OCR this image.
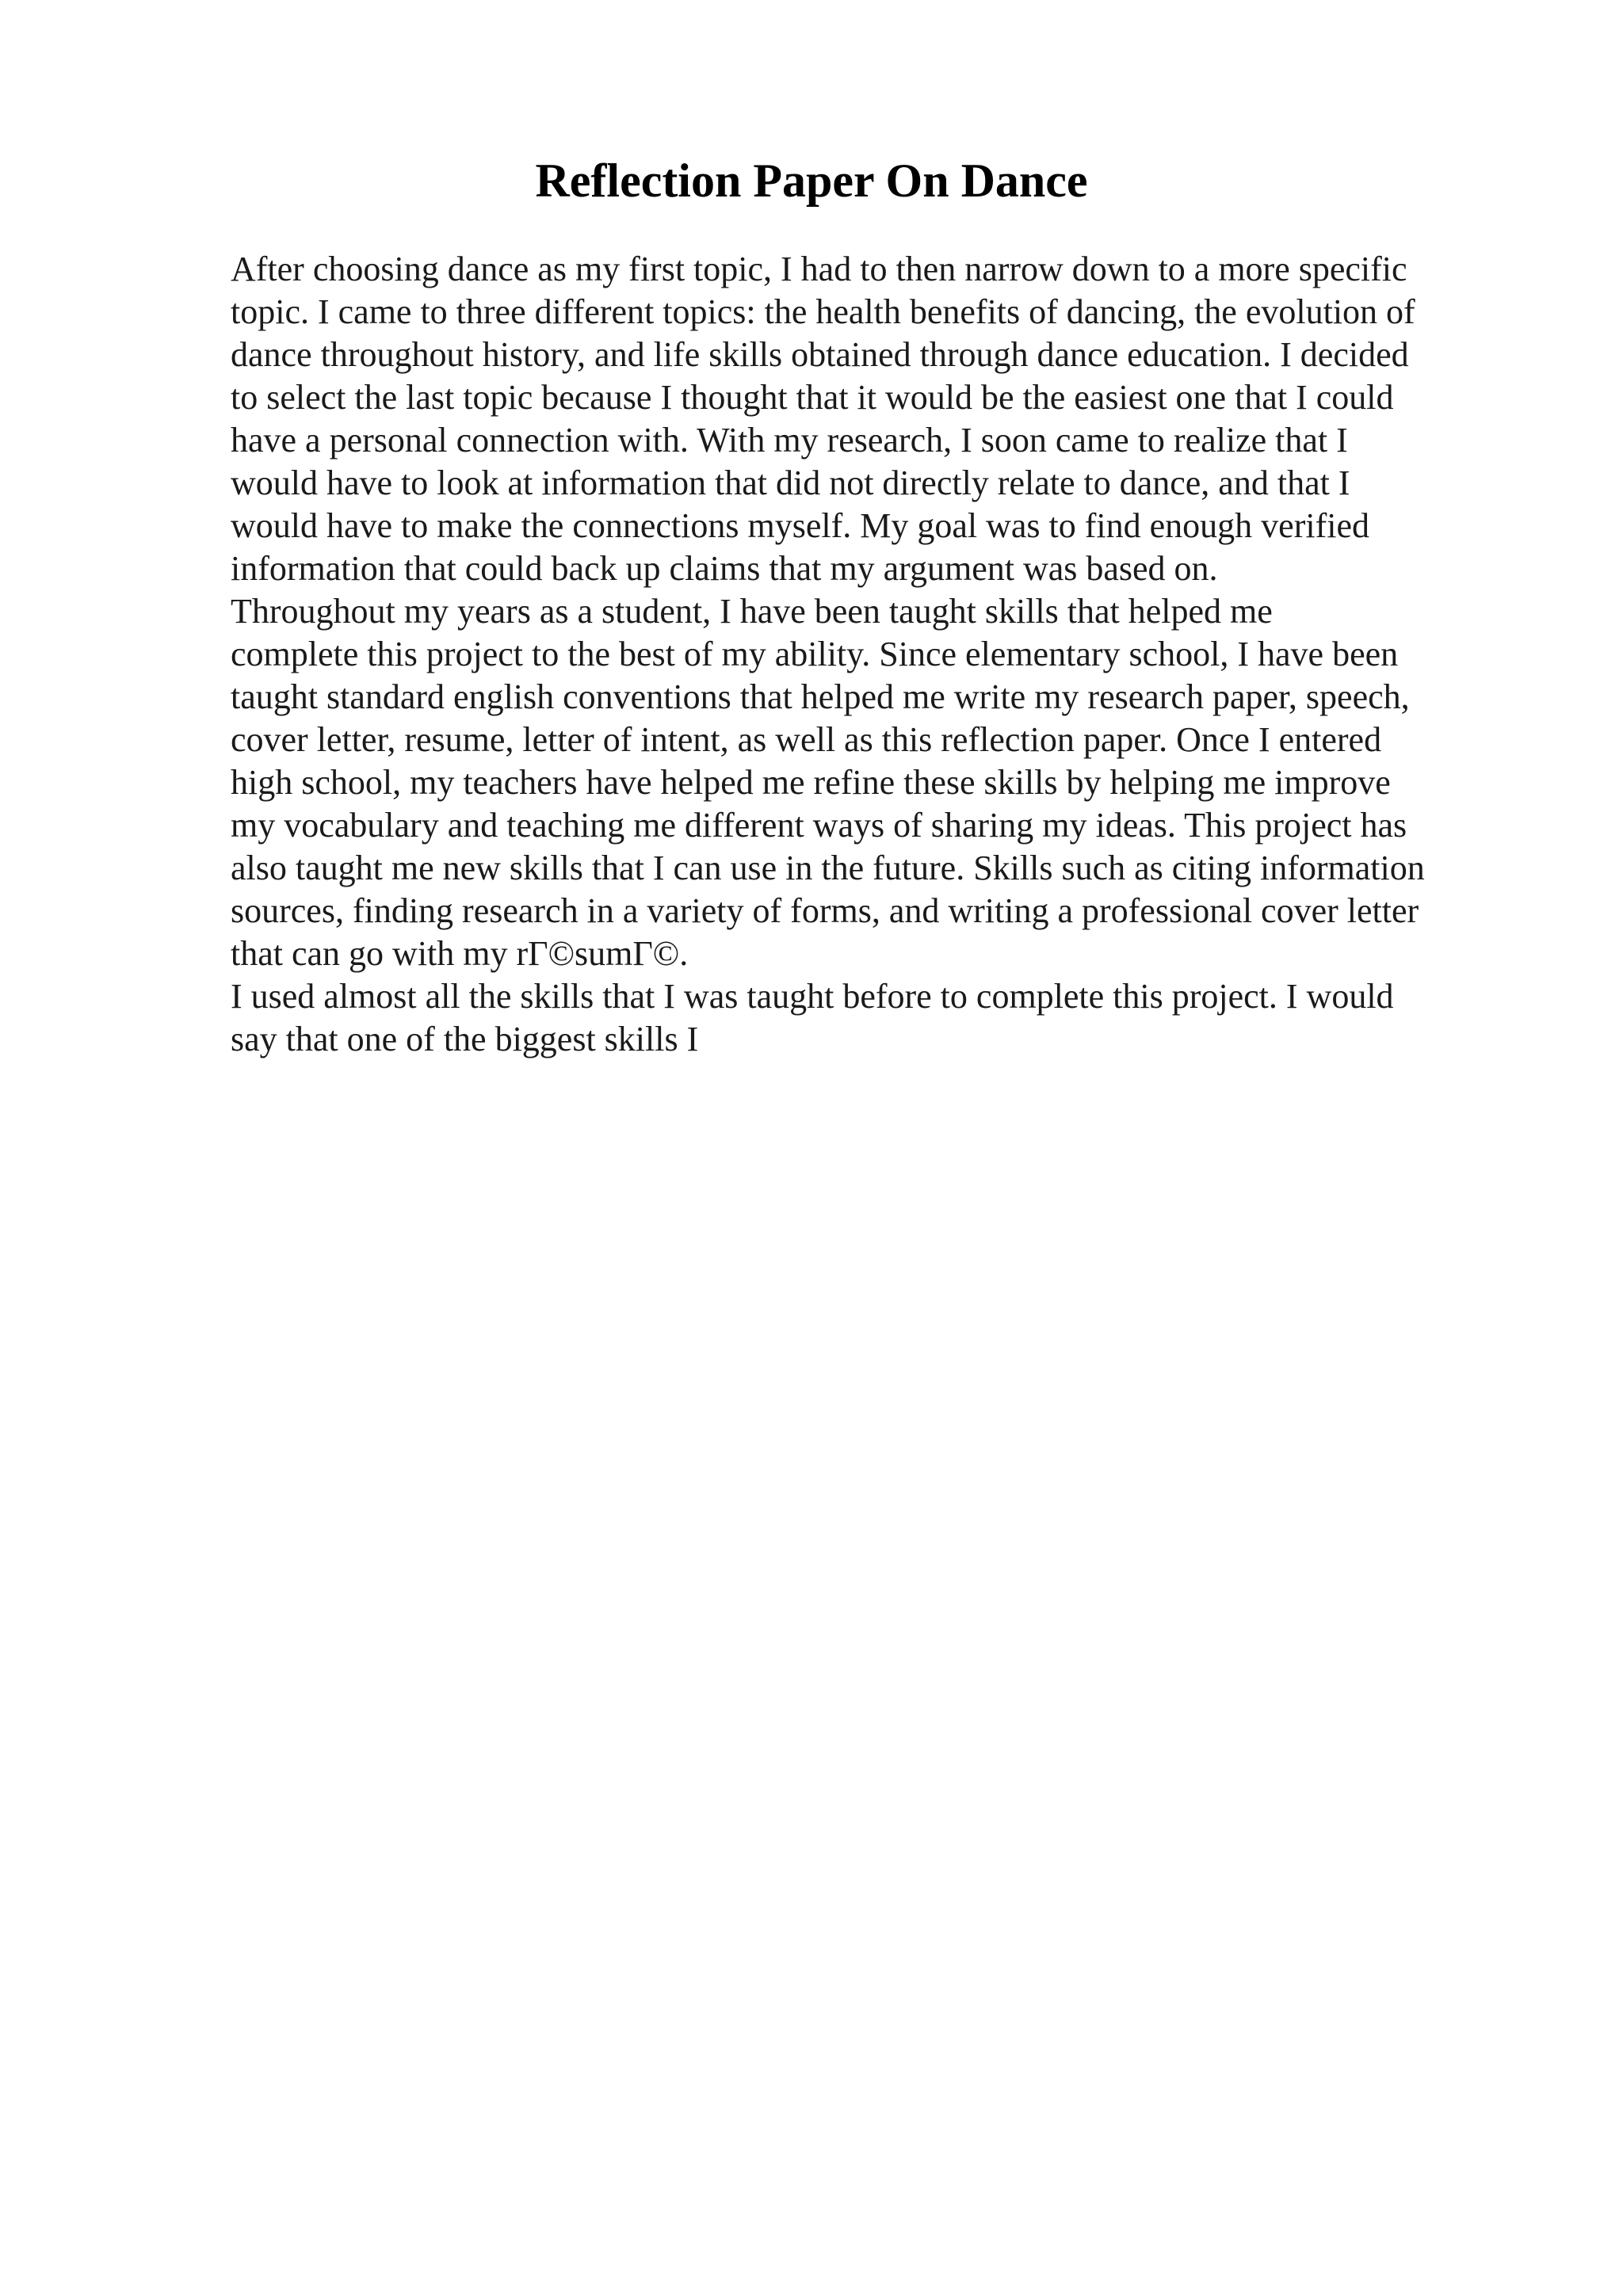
Reflection Paper On Dance

After choosing dance as my first topic, I had to then narrow down to a more specific

topic. I came to three different topics: the health benefits of dancing, the evolution of

dance throughout history, and life skills obtained through dance education. I decided

to select the last topic because I thought that it would be the easiest one that I could

have a personal connection with. With my research, I soon came to realize that I

would have to look at information that did not directly relate to dance, and that I

would have to make the connections myself. My goal was to find enough verified

information that could back up claims that my argument was based on.

Throughout my years as a student, I have been taught skills that helped me

complete this project to the best of my ability. Since elementary school, I have been

taught standard english conventions that helped me write my research paper, speech,

cover letter, resume, letter of intent, as well as this reflection paper. Once I entered

high school, my teachers have helped me refine these skills by helping me improve

my vocabulary and teaching me different ways of sharing my ideas. This project has

also taught me new skills that I can use in the future. Skills such as citing information

sources, finding research in a variety of forms, and writing a professional cover letter

that can go with my rΓ©sumΓ©.

I used almost all the skills that I was taught before to complete this project. I would

say that one of the biggest skills I
